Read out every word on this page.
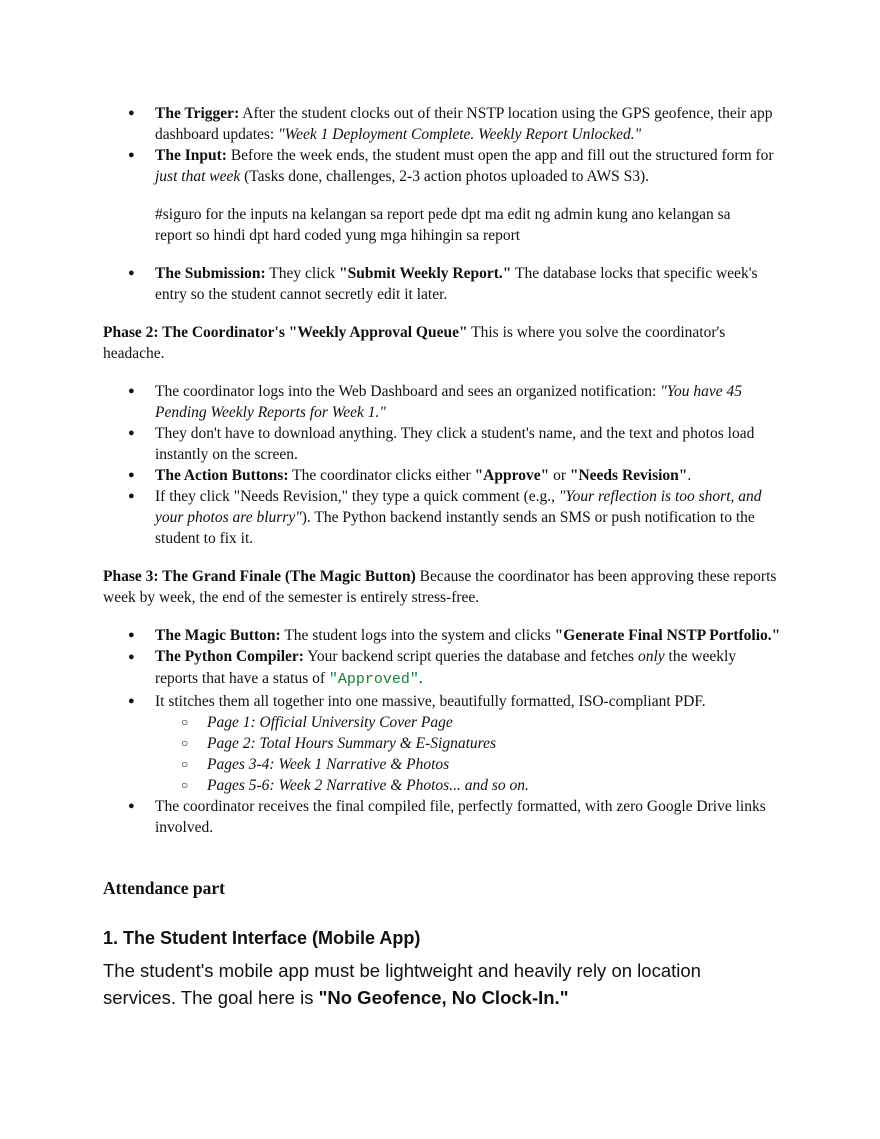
● The Trigger: After the student clocks out of their NSTP location using the GPS geofence, their app dashboard updates: "Week 1 Deployment Complete. Weekly Report Unlocked."
● The Input: Before the week ends, the student must open the app and fill out the structured form for just that week (Tasks done, challenges, 2-3 action photos uploaded to AWS S3).
#siguro for the inputs na kelangan sa report pede dpt ma edit ng admin kung ano kelangan sa report so hindi dpt hard coded yung mga hihingin sa report
● The Submission: They click "Submit Weekly Report." The database locks that specific week's entry so the student cannot secretly edit it later.
Phase 2: The Coordinator's "Weekly Approval Queue" This is where you solve the coordinator's headache.
● The coordinator logs into the Web Dashboard and sees an organized notification: "You have 45 Pending Weekly Reports for Week 1."
● They don't have to download anything. They click a student's name, and the text and photos load instantly on the screen.
● The Action Buttons: The coordinator clicks either "Approve" or "Needs Revision".
● If they click "Needs Revision," they type a quick comment (e.g., "Your reflection is too short, and your photos are blurry"). The Python backend instantly sends an SMS or push notification to the student to fix it.
Phase 3: The Grand Finale (The Magic Button) Because the coordinator has been approving these reports week by week, the end of the semester is entirely stress-free.
● The Magic Button: The student logs into the system and clicks "Generate Final NSTP Portfolio."
● The Python Compiler: Your backend script queries the database and fetches only the weekly reports that have a status of "Approved".
● It stitches them all together into one massive, beautifully formatted, ISO-compliant PDF.
○ Page 1: Official University Cover Page
○ Page 2: Total Hours Summary & E-Signatures
○ Pages 3-4: Week 1 Narrative & Photos
○ Pages 5-6: Week 2 Narrative & Photos... and so on.
● The coordinator receives the final compiled file, perfectly formatted, with zero Google Drive links involved.
Attendance part
1. The Student Interface (Mobile App)
The student's mobile app must be lightweight and heavily rely on location services. The goal here is "No Geofence, No Clock-In."
